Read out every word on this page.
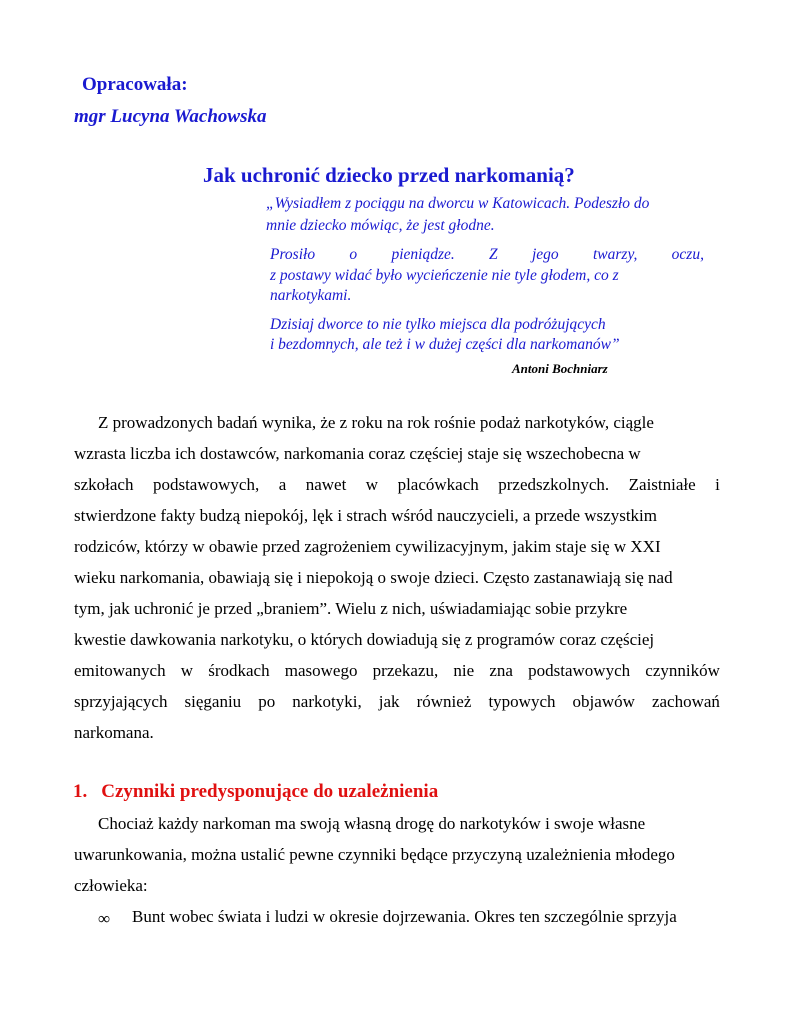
Opracowała:
mgr Lucyna Wachowska
Jak uchronić dziecko przed narkomanią?
„Wysiadłem z pociągu na dworcu w Katowicach. Podeszło do
mnie dziecko mówiąc, że jest głodne.
Prosiło o pieniądze. Z jego twarzy, oczu,
z postawy widać było wycieńczenie nie tyle głodem, co z
narkotykami.
Dzisiaj dworce to nie tylko miejsca dla podróżujących
i bezdomnych, ale też i w dużej części dla narkomanów”
Antoni Bochniarz
Z prowadzonych badań wynika, że z roku na rok rośnie podaż narkotyków, ciągle
wzrasta liczba ich dostawców, narkomania coraz częściej staje się wszechobecna w
szkołach podstawowych, a nawet w placówkach przedszkolnych. Zaistniałe i
stwierdzone fakty budzą niepokój, lęk i strach wśród nauczycieli, a przede wszystkim
rodziców, którzy w obawie przed zagrożeniem cywilizacyjnym, jakim staje się w XXI
wieku narkomania, obawiają się i niepokoją o swoje dzieci. Często zastanawiają się nad
tym, jak uchronić je przed „braniem”. Wielu z nich, uświadamiając sobie przykre
kwestie dawkowania narkotyku, o których dowiadują się z programów coraz częściej
emitowanych w środkach masowego przekazu, nie zna podstawowych czynników
sprzyjających sięganiu po narkotyki, jak również typowych objawów zachowań
narkomana.
1. Czynniki predysponujące do uzależnienia
Chociaż każdy narkoman ma swoją własną drogę do narkotyków i swoje własne
uwarunkowania, można ustalić pewne czynniki będące przyczyną uzależnienia młodego
człowieka:
∞ Bunt wobec świata i ludzi w okresie dojrzewania. Okres ten szczególnie sprzyja
